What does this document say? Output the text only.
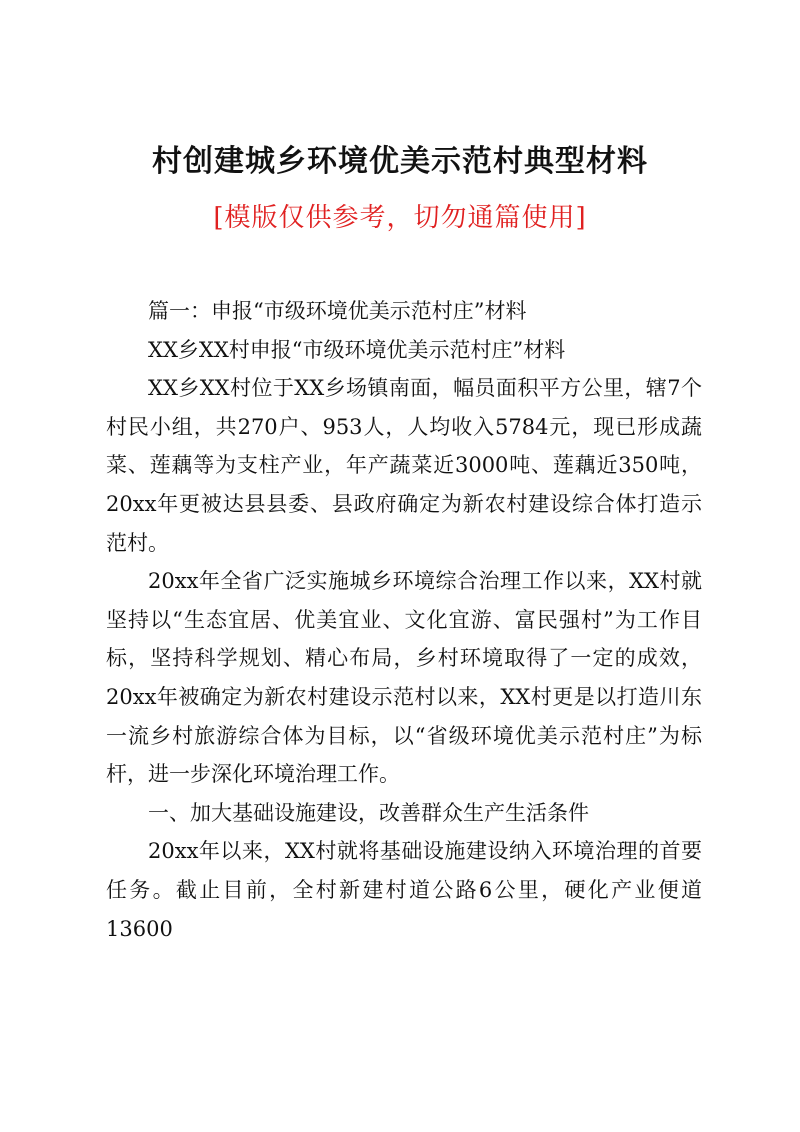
村创建城乡环境优美示范村典型材料
[模版仅供参考，切勿通篇使用]

篇一：申报“市级环境优美示范村庄”材料

XX乡XX村申报“市级环境优美示范村庄”材料

XX乡XX村位于XX乡场镇南面，幅员面积平方公里，辖7个村民小组，共270户、953人，人均收入5784元，现已形成蔬菜、莲藕等为支柱产业，年产蔬菜近3000吨、莲藕近350吨，20xx年更被达县县委、县政府确定为新农村建设综合体打造示范村。

20xx年全省广泛实施城乡环境综合治理工作以来，XX村就坚持以“生态宜居、优美宜业、文化宜游、富民强村”为工作目标，坚持科学规划、精心布局，乡村环境取得了一定的成效，20xx年被确定为新农村建设示范村以来，XX村更是以打造川东一流乡村旅游综合体为目标，以“省级环境优美示范村庄”为标杆，进一步深化环境治理工作。

一、加大基础设施建设，改善群众生产生活条件

20xx年以来，XX村就将基础设施建设纳入环境治理的首要任务。截止目前，全村新建村道公路6公里，硬化产业便道13600
